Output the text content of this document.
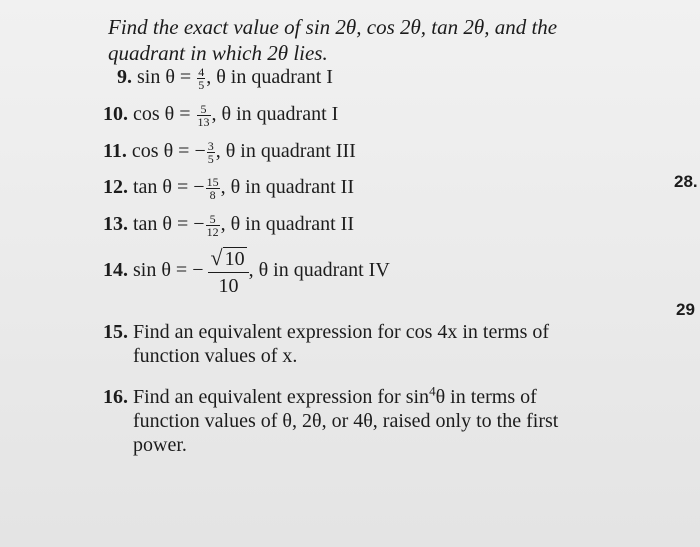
Find the exact value of sin 2θ, cos 2θ, tan 2θ, and the
quadrant in which 2θ lies.
9. $\sin \theta = \frac{4}{5}$ , θ in quadrant I
10. $\cos \theta = \frac{5}{13}$ , θ in quadrant I
11. cos θ = − $\frac{3}{5}$ , θ in quadrant III
12. tan θ = − $\frac{15}{8}$ , θ in quadrant II
13. tan θ = − $\frac{5}{12}$ , θ in quadrant II
14. sin θ = − $\frac{√ 10}{10}$ , θ in quadrant IV
15. Find an equivalent expression for cos 4x in terms of
function values of x.
16. Find an equivalent expression for $\sin^4\theta$ in terms of
function values of θ, 2θ, or 4θ, raised only to the first
power.
28.
29
